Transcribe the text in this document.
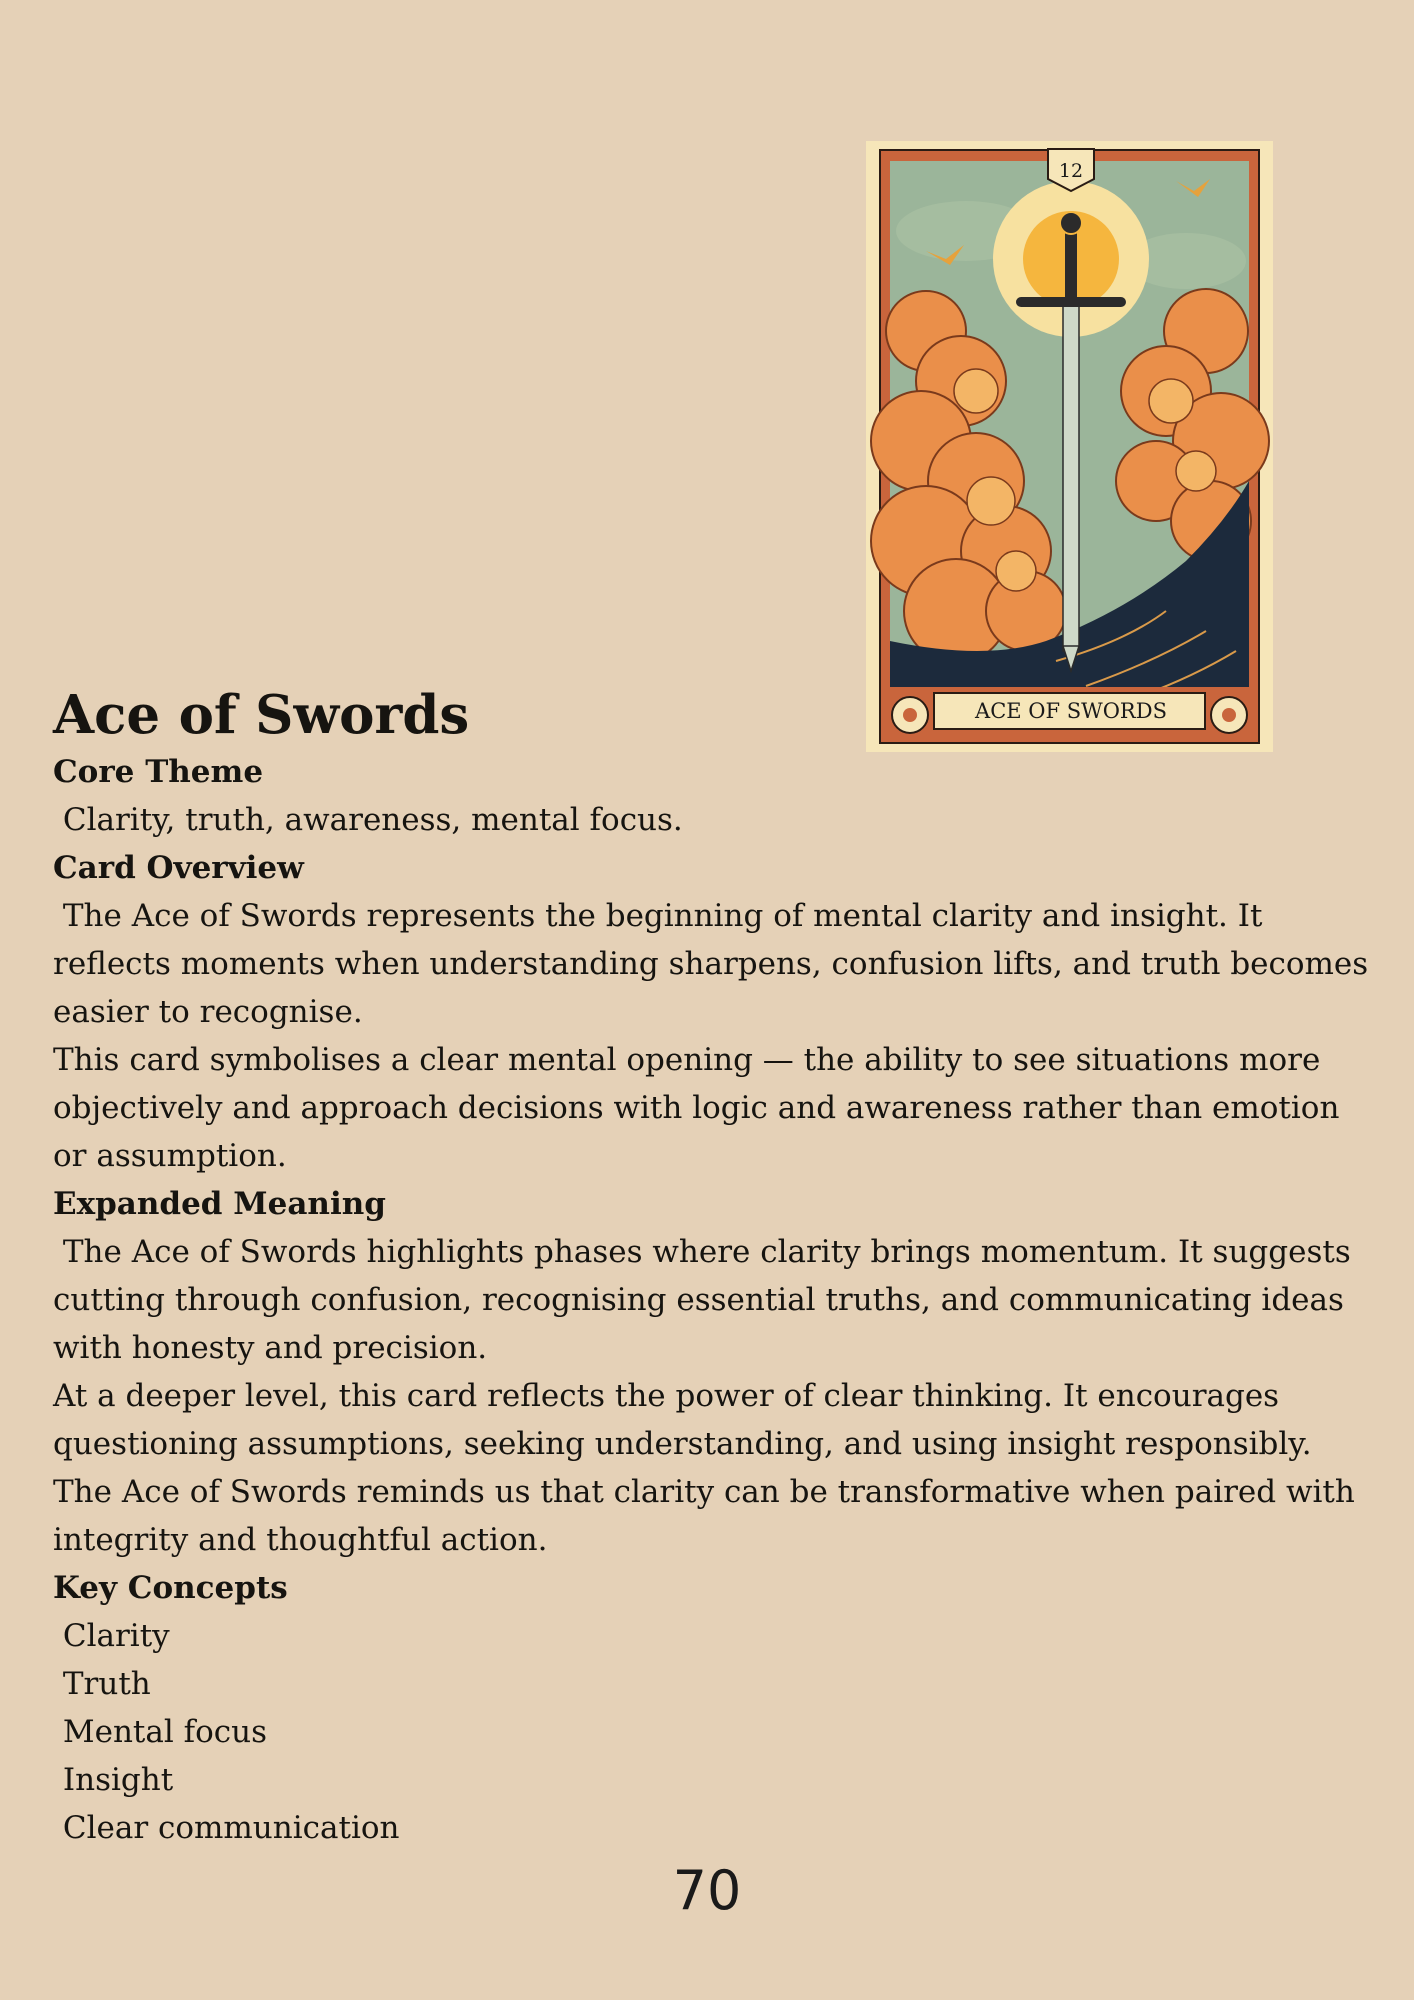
12
ACE OF SWORDS
Ace of Swords
Core Theme

Clarity, truth, awareness, mental focus.

Card Overview

The Ace of Swords represents the beginning of mental clarity and insight. It reflects moments when understanding sharpens, confusion lifts, and truth becomes easier to recognise.

This card symbolises a clear mental opening — the ability to see situations more objectively and approach decisions with logic and awareness rather than emotion or assumption.

Expanded Meaning

The Ace of Swords highlights phases where clarity brings momentum. It suggests cutting through confusion, recognising essential truths, and communicating ideas with honesty and precision.

At a deeper level, this card reflects the power of clear thinking. It encourages questioning assumptions, seeking understanding, and using insight responsibly.

The Ace of Swords reminds us that clarity can be transformative when paired with integrity and thoughtful action.

Key Concepts
Clarity
Truth
Mental focus
Insight
Clear communication
70
